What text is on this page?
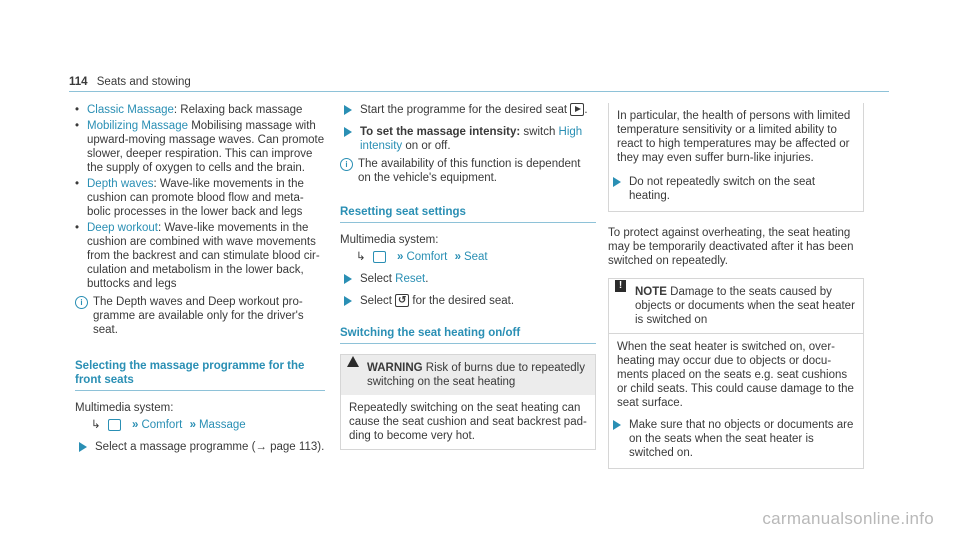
114 Seats and stowing
• Classic Massage: Relaxing back massage
• Mobilizing Massage Mobilising massage with upward-moving massage waves. Can promote slower, deeper respiration. This can improve the supply of oxygen to cells and the brain.
• Depth waves: Wave-like movements in the cushion can promote blood flow and meta-bolic processes in the lower back and legs
• Deep workout: Wave-like movements in the cushion are combined with wave movements from the backrest and can stimulate blood cir-culation and metabolism in the lower back, buttocks and legs
i The Depth waves and Deep workout pro-gramme are available only for the driver's seat.
Selecting the massage programme for the front seats

Multimedia system:

↳	» Comfort » Massage
Select a massage programme (→ page 113).
Start the programme for the desired seat .
To set the massage intensity: switch High intensity on or off.
i The availability of this function is dependent on the vehicle's equipment.
Resetting seat settings

Multimedia system:

↳	» Comfort » Seat
Select Reset.
Select ↺ for the desired seat.
Switching the seat heating on/off
WARNING Risk of burns due to repeatedly switching on the seat heating
Repeatedly switching on the seat heating can cause the seat cushion and seat backrest pad-ding to become very hot.
In particular, the health of persons with limited temperature sensitivity or a limited ability to react to high temperatures may be affected or they may even suffer burn-like injuries.
Do not repeatedly switch on the seat heating.

To protect against overheating, the seat heating may be temporarily deactivated after it has been switched on repeatedly.

!
NOTE Damage to the seats caused by objects or documents when the seat heater is switched on
When the seat heater is switched on, over-heating may occur due to objects or docu-ments placed on the seats e.g. seat cushions or child seats. This could cause damage to the seat surface.
Make sure that no objects or documents are on the seats when the seat heater is switched on.
carmanualsonline.info
